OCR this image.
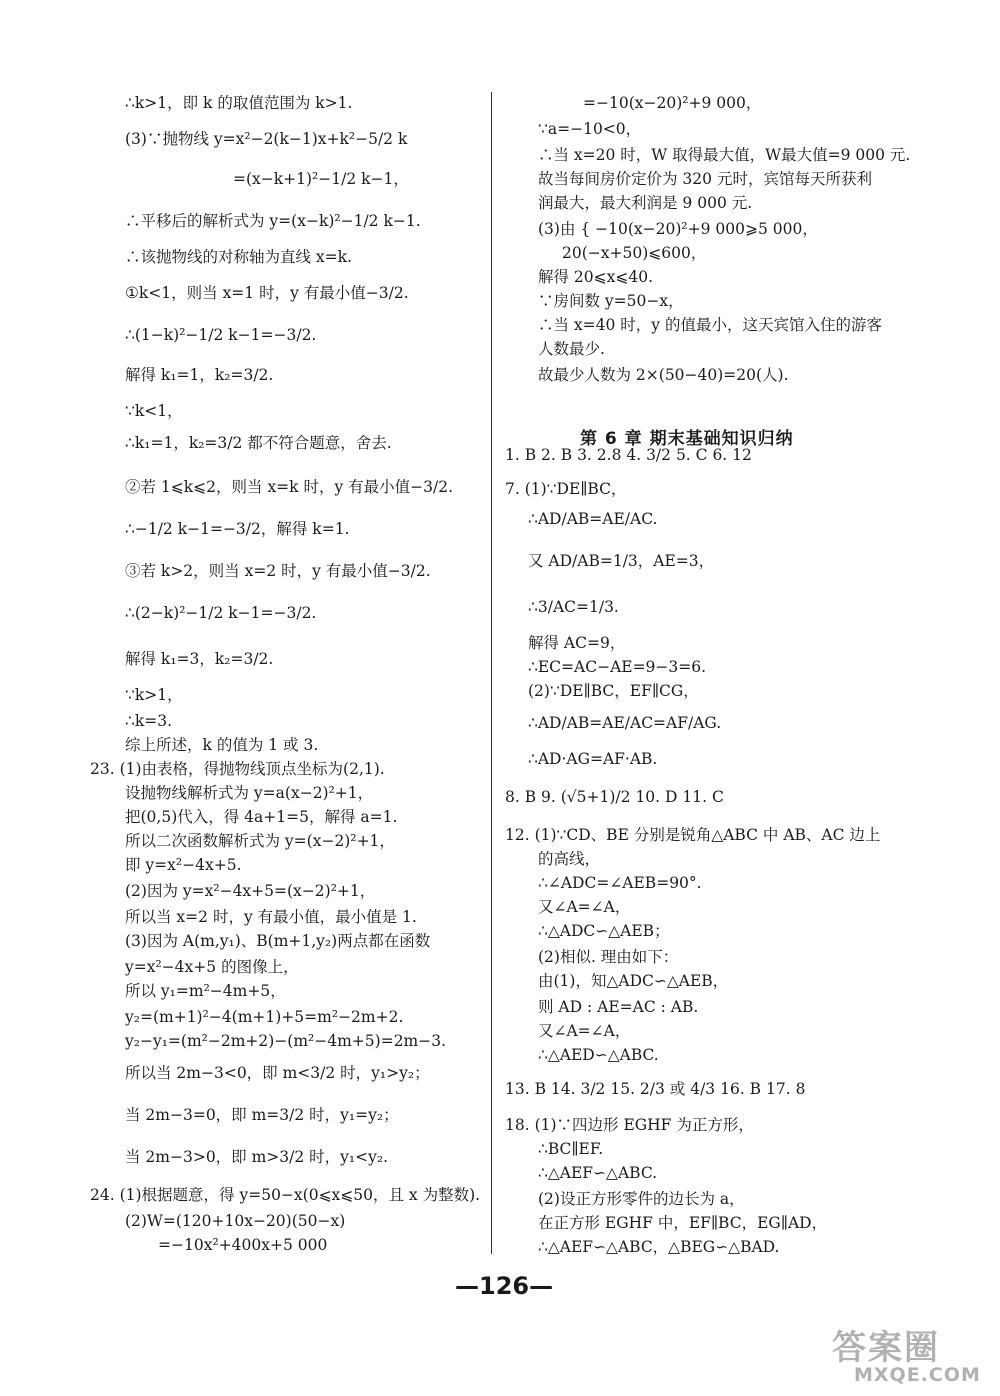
∴k>1，即 k 的取值范围为 k>1.
(3)∵抛物线 y=x²−2(k−1)x+k²−5/2 k
=(x−k+1)²−1/2 k−1，
∴平移后的解析式为 y=(x−k)²−1/2 k−1.
∴该抛物线的对称轴为直线 x=k.
①k<1，则当 x=1 时，y 有最小值−3/2.
∴(1−k)²−1/2 k−1=−3/2.
解得 k₁=1，k₂=3/2.
∵k<1，
∴k₁=1，k₂=3/2 都不符合题意，舍去.
②若 1⩽k⩽2，则当 x=k 时，y 有最小值−3/2.
∴−1/2 k−1=−3/2，解得 k=1.
③若 k>2，则当 x=2 时，y 有最小值−3/2.
∴(2−k)²−1/2 k−1=−3/2.
解得 k₁=3，k₂=3/2.
∵k>1，
∴k=3.
综上所述，k 的值为 1 或 3.
23. (1)由表格，得抛物线顶点坐标为(2,1).
设抛物线解析式为 y=a(x−2)²+1，
把(0,5)代入，得 4a+1=5，解得 a=1.
所以二次函数解析式为 y=(x−2)²+1，
即 y=x²−4x+5.
(2)因为 y=x²−4x+5=(x−2)²+1，
所以当 x=2 时，y 有最小值，最小值是 1.
(3)因为 A(m,y₁)、B(m+1,y₂)两点都在函数
y=x²−4x+5 的图像上，
所以 y₁=m²−4m+5，
y₂=(m+1)²−4(m+1)+5=m²−2m+2.
y₂−y₁=(m²−2m+2)−(m²−4m+5)=2m−3.
所以当 2m−3<0，即 m<3/2 时，y₁>y₂；
当 2m−3=0，即 m=3/2 时，y₁=y₂；
当 2m−3>0，即 m>3/2 时，y₁<y₂.
24. (1)根据题意，得 y=50−x(0⩽x⩽50，且 x 为整数).
(2)W=(120+10x−20)(50−x)
=−10x²+400x+5 000
=−10(x−20)²+9 000，
∵a=−10<0，
∴当 x=20 时，W 取得最大值，W最大值=9 000 元.
故当每间房价定价为 320 元时，宾馆每天所获利
润最大，最大利润是 9 000 元.
(3)由 { −10(x−20)²+9 000⩾5 000，
20(−x+50)⩽600，
解得 20⩽x⩽40.
∵房间数 y=50−x，
∴当 x=40 时，y 的值最小，这天宾馆入住的游客
人数最少.
故最少人数为 2×(50−40)=20(人).
1. B 2. B 3. 2.8 4. 3/2 5. C 6. 12
7. (1)∵DE∥BC，
∴AD/AB=AE/AC.
又 AD/AB=1/3，AE=3，
∴3/AC=1/3.
解得 AC=9，
∴EC=AC−AE=9−3=6.
(2)∵DE∥BC，EF∥CG，
∴AD/AB=AE/AC=AF/AG.
∴AD·AG=AF·AB.
8. B 9. (√5+1)/2 10. D 11. C
12. (1)∵CD、BE 分别是锐角△ABC 中 AB、AC 边上
的高线，
∴∠ADC=∠AEB=90°.
又∠A=∠A，
∴△ADC∽△AEB；
(2)相似. 理由如下：
由(1)，知△ADC∽△AEB，
则 AD : AE=AC : AB.
又∠A=∠A，
∴△AED∽△ABC.
13. B 14. 3/2 15. 2/3 或 4/3 16. B 17. 8
18. (1)∵四边形 EGHF 为正方形，
∴BC∥EF.
∴△AEF∽△ABC.
(2)设正方形零件的边长为 a，
在正方形 EGHF 中，EF∥BC，EG∥AD，
∴△AEF∽△ABC，△BEG∽△BAD.
第 6 章 期末基础知识归纳
—126—
答案圈
MXQE.COM
